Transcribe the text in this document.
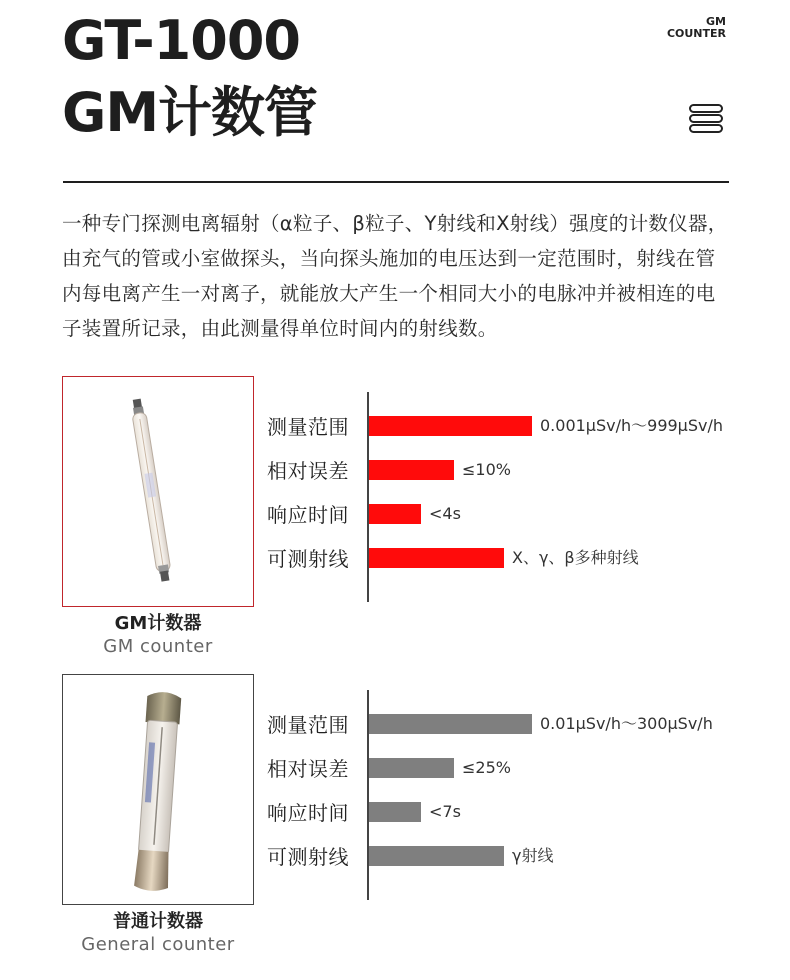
GT-1000
GM计数管
GM
COUNTER

一种专门探测电离辐射（α粒子、β粒子、Y射线和X射线）强度的计数仪器，由充气的管或小室做探头，当向探头施加的电压达到一定范围时，射线在管内每电离产生一对离子，就能放大产生一个相同大小的电脉冲并被相连的电子装置所记录，由此测量得单位时间内的射线数。

GM计数器
GM counter
测量范围	0.001μSv/h～999μSv/h
相对误差	≤10%
响应时间	<4s
可测射线	X、γ、β多种射线
普通计数器
General counter
测量范围	0.01μSv/h～300μSv/h
相对误差	≤25%
响应时间	<7s
可测射线	γ射线
